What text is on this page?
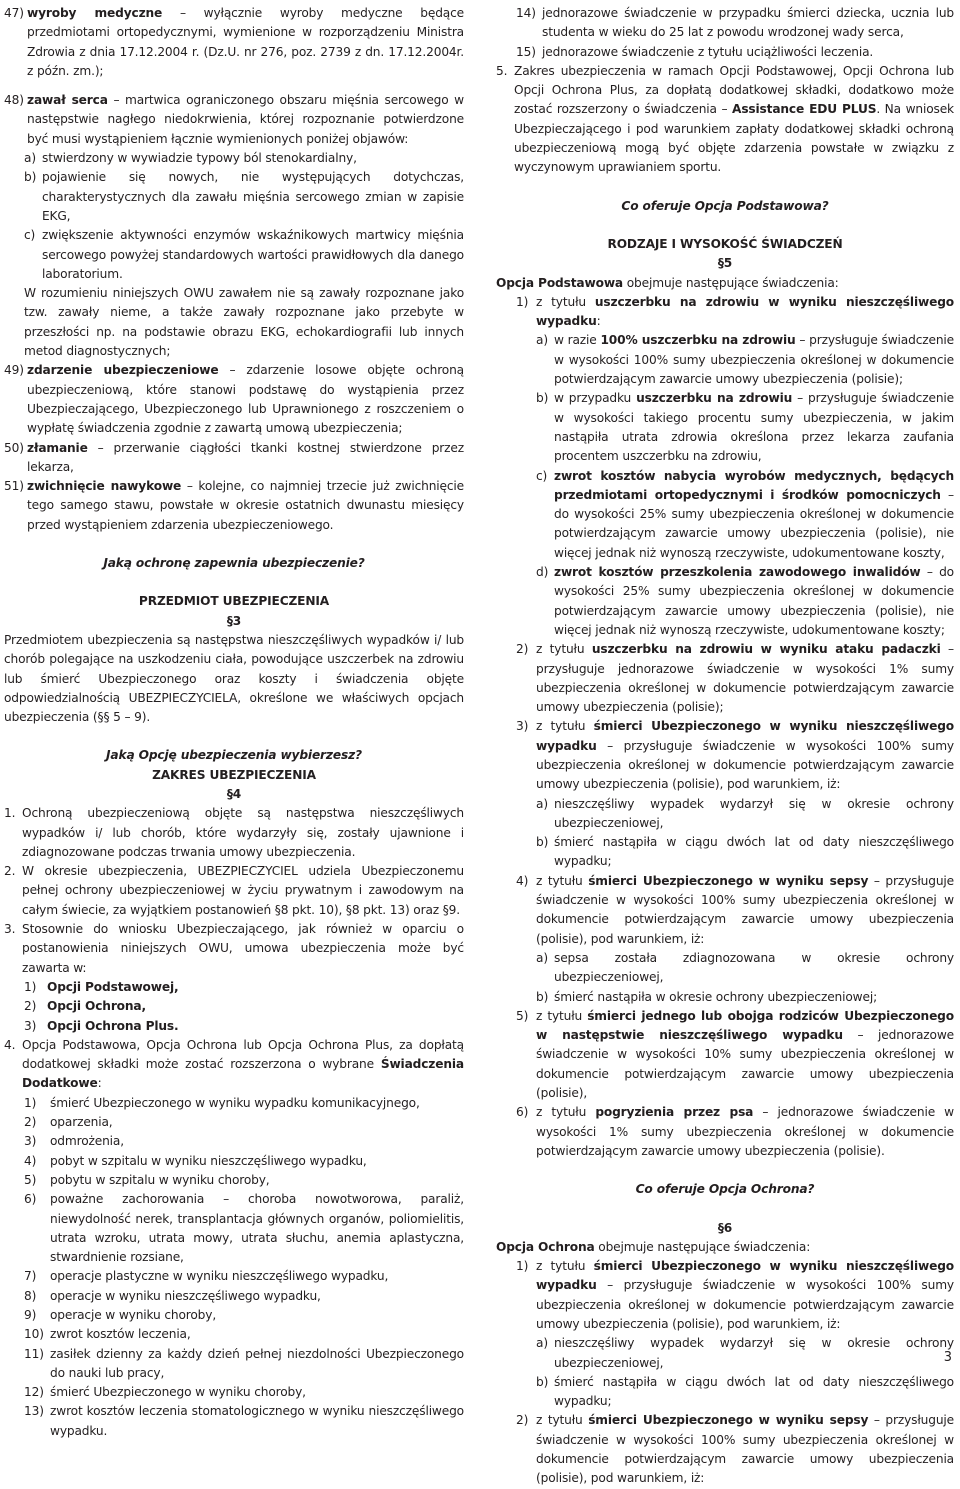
47) wyroby medyczne – wyłącznie wyroby medyczne będące przedmiotami ortopedycznymi, wymienione w rozporządzeniu Ministra Zdrowia z dnia 17.12.2004 r. (Dz.U. nr 276, poz. 2739 z dn. 17.12.2004r. z późn. zm.);
48) zawał serca – martwica ograniczonego obszaru mięśnia sercowego w następstwie nagłego niedokrwienia, której rozpoznanie potwierdzone być musi wystąpieniem łącznie wymienionych poniżej objawów:
a) stwierdzony w wywiadzie typowy ból stenokardialny,
b) pojawienie się nowych, nie występujących dotychczas, charakterystycznych dla zawału mięśnia sercowego zmian w zapisie EKG,
c) zwiększenie aktywności enzymów wskaźnikowych martwicy mięśnia sercowego powyżej standardowych wartości prawidłowych dla danego laboratorium.

W rozumieniu niniejszych OWU zawałem nie są zawały rozpoznane jako tzw. zawały nieme, a także zawały rozpoznane jako przebyte w przeszłości np. na podstawie obrazu EKG, echokardiografii lub innych metod diagnostycznych;

49) zdarzenie ubezpieczeniowe – zdarzenie losowe objęte ochroną ubezpieczeniową, które stanowi podstawę do wystąpienia przez Ubezpieczającego, Ubezpieczonego lub Uprawnionego z roszczeniem o wypłatę świadczenia zgodnie z zawartą umową ubezpieczenia;
50) złamanie – przerwanie ciągłości tkanki kostnej stwierdzone przez lekarza,
51) zwichnięcie nawykowe – kolejne, co najmniej trzecie już zwichnięcie tego samego stawu, powstałe w okresie ostatnich dwunastu miesięcy przed wystąpieniem zdarzenia ubezpieczeniowego.

Jaką ochronę zapewnia ubezpieczenie?

PRZEDMIOT UBEZPIECZENIA

§3

Przedmiotem ubezpieczenia są następstwa nieszczęśliwych wypadków i/ lub chorób polegające na uszkodzeniu ciała, powodujące uszczerbek na zdrowiu lub śmierć Ubezpieczonego oraz koszty i świadczenia objęte odpowiedzialnością UBEZPIECZYCIELA, określone we właściwych opcjach ubezpieczenia (§§ 5 – 9).

Jaką Opcję ubezpieczenia wybierzesz?

ZAKRES UBEZPIECZENIA

§4

1. Ochroną ubezpieczeniową objęte są następstwa nieszczęśliwych wypadków i/ lub chorób, które wydarzyły się, zostały ujawnione i zdiagnozowane podczas trwania umowy ubezpieczenia.
2. W okresie ubezpieczenia, UBEZPIECZYCIEL udziela Ubezpieczonemu pełnej ochrony ubezpieczeniowej w życiu prywatnym i zawodowym na całym świecie, za wyjątkiem postanowień §8 pkt. 10), §8 pkt. 13) oraz §9.
3. Stosownie do wniosku Ubezpieczającego, jak również w oparciu o postanowienia niniejszych OWU, umowa ubezpieczenia może być zawarta w:
1) Opcji Podstawowej,
2) Opcji Ochrona,
3) Opcji Ochrona Plus.
4. Opcja Podstawowa, Opcja Ochrona lub Opcja Ochrona Plus, za dopłatą dodatkowej składki może zostać rozszerzona o wybrane Świadczenia Dodatkowe:
1)	śmierć Ubezpieczonego w wyniku wypadku komunikacyjnego,
2)	oparzenia,
3)	odmrożenia,
4)	pobyt w szpitalu w wyniku nieszczęśliwego wypadku,
5)	pobytu w szpitalu w wyniku choroby,
6)	poważne zachorowania – choroba nowotworowa, paraliż, niewydolność nerek, transplantacja głównych organów, poliomielitis, utrata wzroku, utrata mowy, utrata słuchu, anemia aplastyczna, stwardnienie rozsiane,
7)	operacje plastyczne w wyniku nieszczęśliwego wypadku,
8)	operacje w wyniku nieszczęśliwego wypadku,
9)	operacje w wyniku choroby,
10) zwrot kosztów leczenia,
11) zasiłek dzienny za każdy dzień pełnej niezdolności Ubezpieczonego do nauki lub pracy,
12) śmierć Ubezpieczonego w wyniku choroby,
13) zwrot kosztów leczenia stomatologicznego w wyniku nieszczęśliwego wypadku.
14) jednorazowe świadczenie w przypadku śmierci dziecka, ucznia lub studenta w wieku do 25 lat z powodu wrodzonej wady serca,
15) jednorazowe świadczenie z tytułu uciążliwości leczenia.
5. Zakres ubezpieczenia w ramach Opcji Podstawowej, Opcji Ochrona lub Opcji Ochrona Plus, za dopłatą dodatkowej składki, dodatkowo może zostać rozszerzony o świadczenia – Assistance EDU PLUS. Na wniosek Ubezpieczającego i pod warunkiem zapłaty dodatkowej składki ochroną ubezpieczeniową mogą być objęte zdarzenia powstałe w związku z wyczynowym uprawianiem sportu.

Co oferuje Opcja Podstawowa?

RODZAJE I WYSOKOŚĆ ŚWIADCZEŃ

§5

Opcja Podstawowa obejmuje następujące świadczenia:

1) z tytułu uszczerbku na zdrowiu w wyniku nieszczęśliwego wypadku:
a) w razie 100% uszczerbku na zdrowiu – przysługuje świadczenie w wysokości 100% sumy ubezpieczenia określonej w dokumencie potwierdzającym zawarcie umowy ubezpieczenia (polisie);
b) w przypadku uszczerbku na zdrowiu – przysługuje świadczenie w wysokości takiego procentu sumy ubezpieczenia, w jakim nastąpiła utrata zdrowia określona przez lekarza zaufania procentem uszczerbku na zdrowiu,
c) zwrot kosztów nabycia wyrobów medycznych, będących przedmiotami ortopedycznymi i środków pomocniczych – do wysokości 25% sumy ubezpieczenia określonej w dokumencie potwierdzającym zawarcie umowy ubezpieczenia (polisie), nie więcej jednak niż wynoszą rzeczywiste, udokumentowane koszty,
d) zwrot kosztów przeszkolenia zawodowego inwalidów – do wysokości 25% sumy ubezpieczenia określonej w dokumencie potwierdzającym zawarcie umowy ubezpieczenia (polisie), nie więcej jednak niż wynoszą rzeczywiste, udokumentowane koszty;
2) z tytułu uszczerbku na zdrowiu w wyniku ataku padaczki – przysługuje jednorazowe świadczenie w wysokości 1% sumy ubezpieczenia określonej w dokumencie potwierdzającym zawarcie umowy ubezpieczenia (polisie);
3) z tytułu śmierci Ubezpieczonego w wyniku nieszczęśliwego wypadku – przysługuje świadczenie w wysokości 100% sumy ubezpieczenia określonej w dokumencie potwierdzającym zawarcie umowy ubezpieczenia (polisie), pod warunkiem, iż:
a) nieszczęśliwy wypadek wydarzył się w okresie ochrony ubezpieczeniowej,
b) śmierć nastąpiła w ciągu dwóch lat od daty nieszczęśliwego wypadku;
4) z tytułu śmierci Ubezpieczonego w wyniku sepsy – przysługuje świadczenie w wysokości 100% sumy ubezpieczenia określonej w dokumencie potwierdzającym zawarcie umowy ubezpieczenia (polisie), pod warunkiem, iż:
a) sepsa została zdiagnozowana w okresie ochrony ubezpieczeniowej,
b) śmierć nastąpiła w okresie ochrony ubezpieczeniowej;
5) z tytułu śmierci jednego lub obojga rodziców Ubezpieczonego w następstwie nieszczęśliwego wypadku – jednorazowe świadczenie w wysokości 10% sumy ubezpieczenia określonej w dokumencie potwierdzającym zawarcie umowy ubezpieczenia (polisie),
6) z tytułu pogryzienia przez psa – jednorazowe świadczenie w wysokości 1% sumy ubezpieczenia określonej w dokumencie potwierdzającym zawarcie umowy ubezpieczenia (polisie).

Co oferuje Opcja Ochrona?

§6

Opcja Ochrona obejmuje następujące świadczenia:

1) z tytułu śmierci Ubezpieczonego w wyniku nieszczęśliwego wypadku – przysługuje świadczenie w wysokości 100% sumy ubezpieczenia określonej w dokumencie potwierdzającym zawarcie umowy ubezpieczenia (polisie), pod warunkiem, iż:
a) nieszczęśliwy wypadek wydarzył się w okresie ochrony ubezpieczeniowej,
b) śmierć nastąpiła w ciągu dwóch lat od daty nieszczęśliwego wypadku;
2) z tytułu śmierci Ubezpieczonego w wyniku sepsy – przysługuje świadczenie w wysokości 100% sumy ubezpieczenia określonej w dokumencie potwierdzającym zawarcie umowy ubezpieczenia (polisie), pod warunkiem, iż:
3
